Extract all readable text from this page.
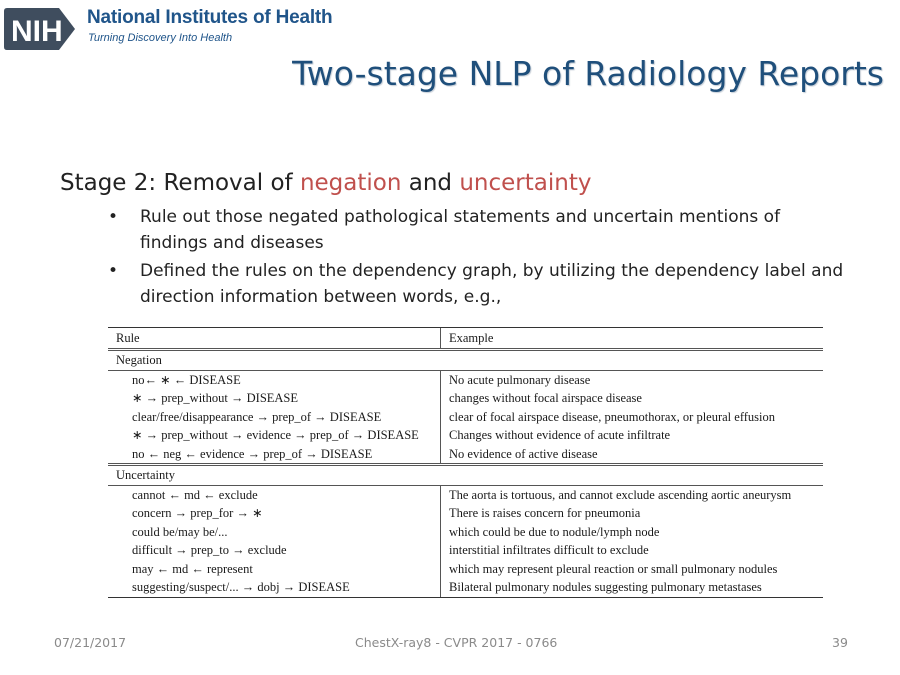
NIH National Institutes of Health
Turning Discovery Into Health
Two-stage NLP of Radiology Reports
Stage 2: Removal of negation and uncertainty
•	Rule out those negated pathological statements and uncertain mentions of findings and diseases
•	Defined the rules on the dependency graph, by utilizing the dependency label and direction information between words, e.g.,
Rule	Example
Negation	
no← ∗ ← DISEASE	No acute pulmonary disease
∗ → prep_without → DISEASE	changes without focal airspace disease
clear/free/disappearance → prep_of → DISEASE	clear of focal airspace disease, pneumothorax, or pleural effusion
∗ → prep_without → evidence → prep_of → DISEASE	Changes without evidence of acute infiltrate
no ← neg ← evidence → prep_of → DISEASE	No evidence of active disease
Uncertainty	
cannot ← md ← exclude	The aorta is tortuous, and cannot exclude ascending aortic aneurysm
concern → prep_for → ∗	There is raises concern for pneumonia
could be/may be/...	which could be due to nodule/lymph node
difficult → prep_to → exclude	interstitial infiltrates difficult to exclude
may ← md ← represent	which may represent pleural reaction or small pulmonary nodules
suggesting/suspect/... → dobj → DISEASE	Bilateral pulmonary nodules suggesting pulmonary metastases
07/21/2017	ChestX-ray8 - CVPR 2017 - 0766	39
